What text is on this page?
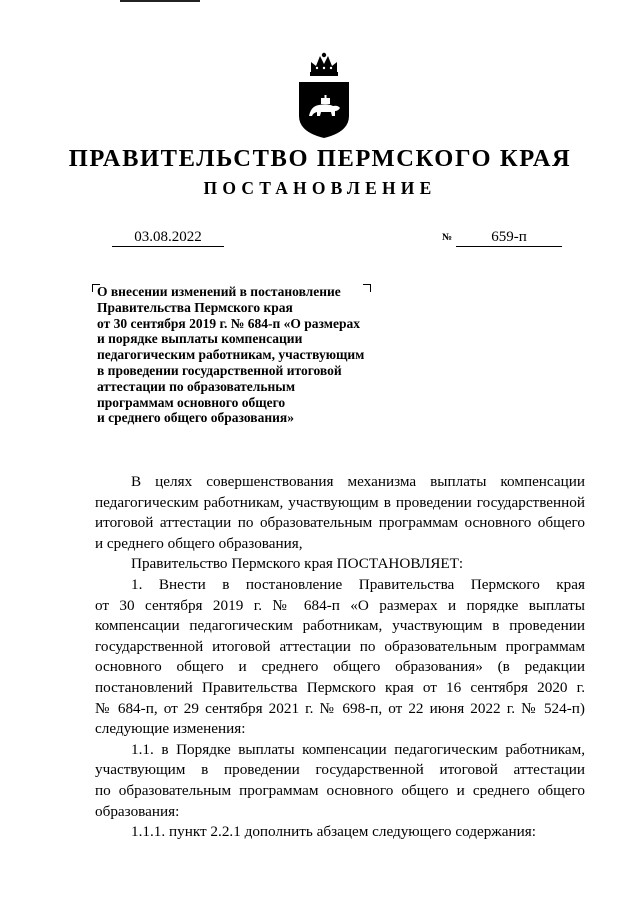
ПРАВИТЕЛЬСТВО ПЕРМСКОГО КРАЯ
ПОСТАНОВЛЕНИЕ
03.08.2022	№	659-п
О внесении изменений в постановление
Правительства Пермского края
от 30 сентября 2019 г. № 684-п «О размерах
и порядке выплаты компенсации
педагогическим работникам, участвующим
в проведении государственной итоговой
аттестации по образовательным
программам основного общего
и среднего общего образования»
В целях совершенствования механизма выплаты компенсации
педагогическим работникам, участвующим в проведении государственной
итоговой аттестации по образовательным программам основного общего
и среднего общего образования,
Правительство Пермского края ПОСТАНОВЛЯЕТ:
1. Внести в постановление Правительства Пермского края
от 30 сентября 2019 г. № 684-п «О размерах и порядке выплаты
компенсации педагогическим работникам, участвующим в проведении
государственной итоговой аттестации по образовательным программам
основного общего и среднего общего образования» (в редакции
постановлений Правительства Пермского края от 16 сентября 2020 г.
№ 684-п, от 29 сентября 2021 г. № 698-п, от 22 июня 2022 г. № 524-п)
следующие изменения:
1.1. в Порядке выплаты компенсации педагогическим работникам,
участвующим в проведении государственной итоговой аттестации
по образовательным программам основного общего и среднего общего
образования:
1.1.1. пункт 2.2.1 дополнить абзацем следующего содержания:
